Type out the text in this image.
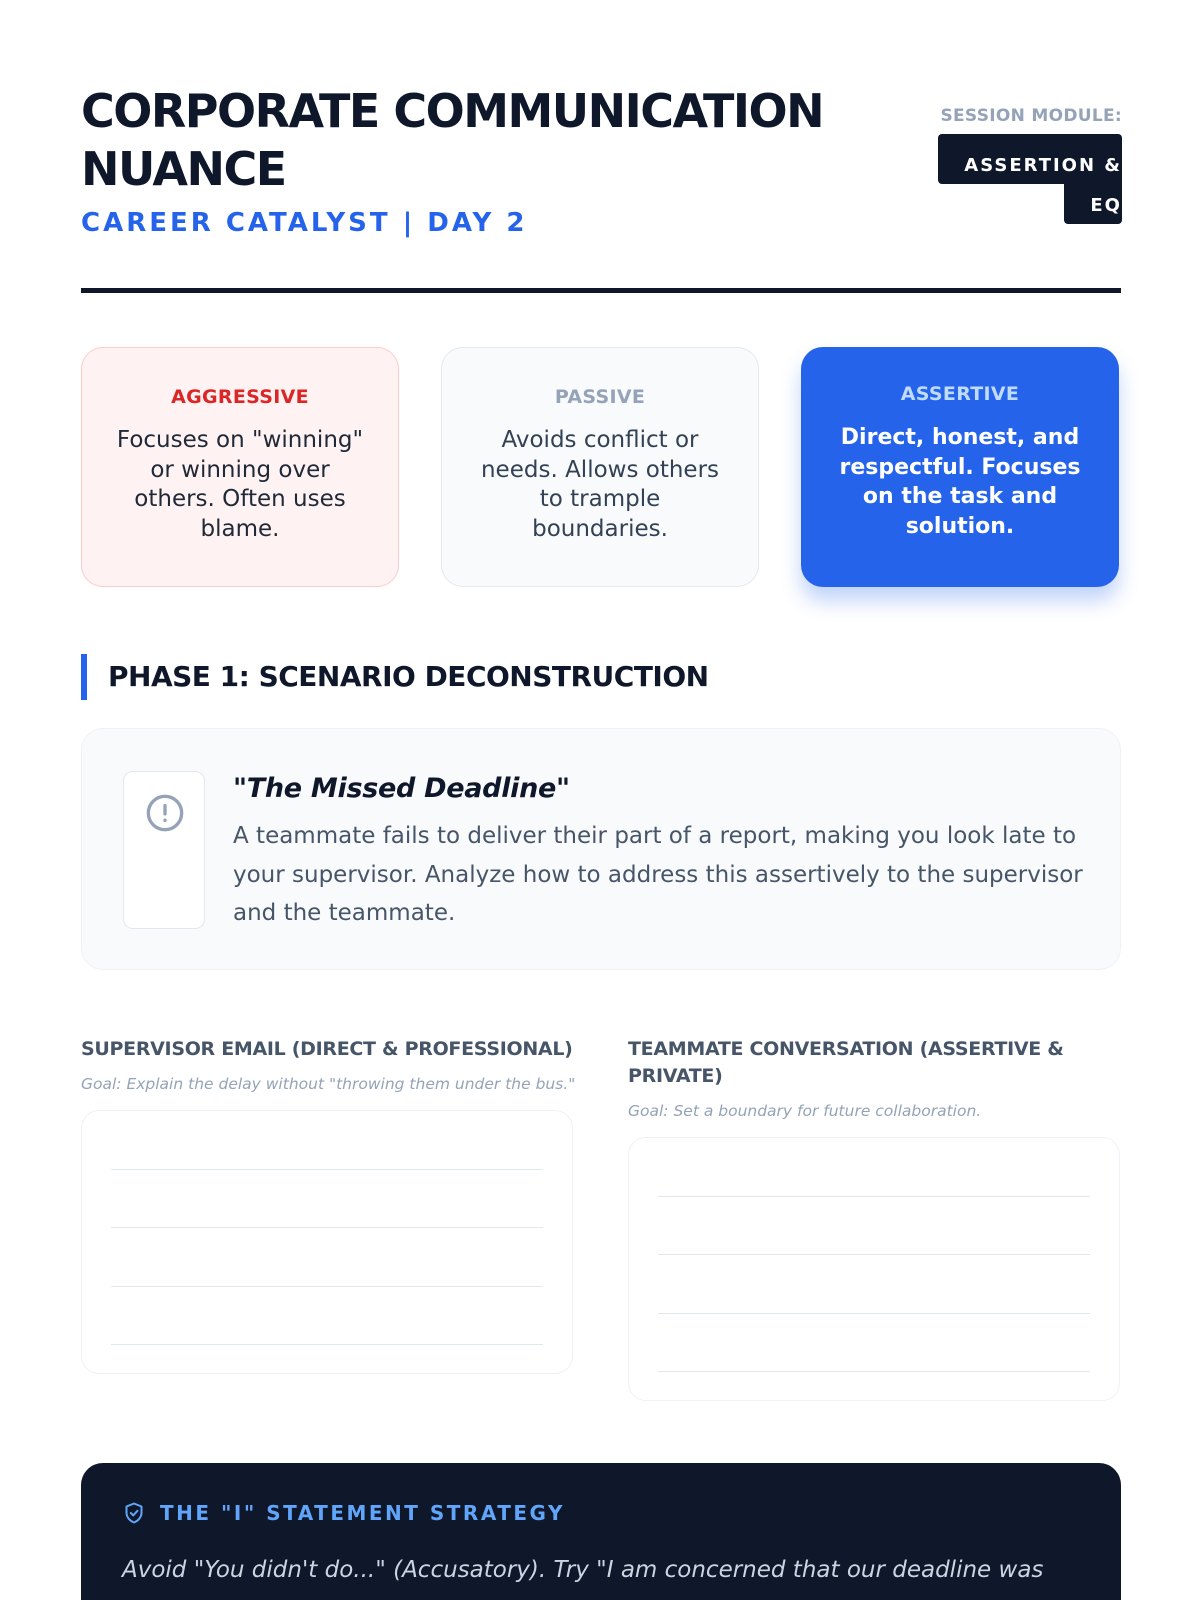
CORPORATE COMMUNICATION NUANCE
CAREER CATALYST | DAY 2
SESSION MODULE:
ASSERTION & EQ
AGGRESSIVE
Focuses on "winning" or winning over others. Often uses blame.
PASSIVE
Avoids conflict or needs. Allows others to trample boundaries.
ASSERTIVE
Direct, honest, and respectful. Focuses on the task and solution.
PHASE 1: SCENARIO DECONSTRUCTION
"The Missed Deadline"
A teammate fails to deliver their part of a report, making you look late to your supervisor. Analyze how to address this assertively to the supervisor and the teammate.
SUPERVISOR EMAIL (DIRECT & PROFESSIONAL)
Goal: Explain the delay without "throwing them under the bus."
TEAMMATE CONVERSATION (ASSERTIVE & PRIVATE)
Goal: Set a boundary for future collaboration.
THE "I" STATEMENT STRATEGY
Avoid "You didn't do..." (Accusatory). Try "I am concerned that our deadline was
